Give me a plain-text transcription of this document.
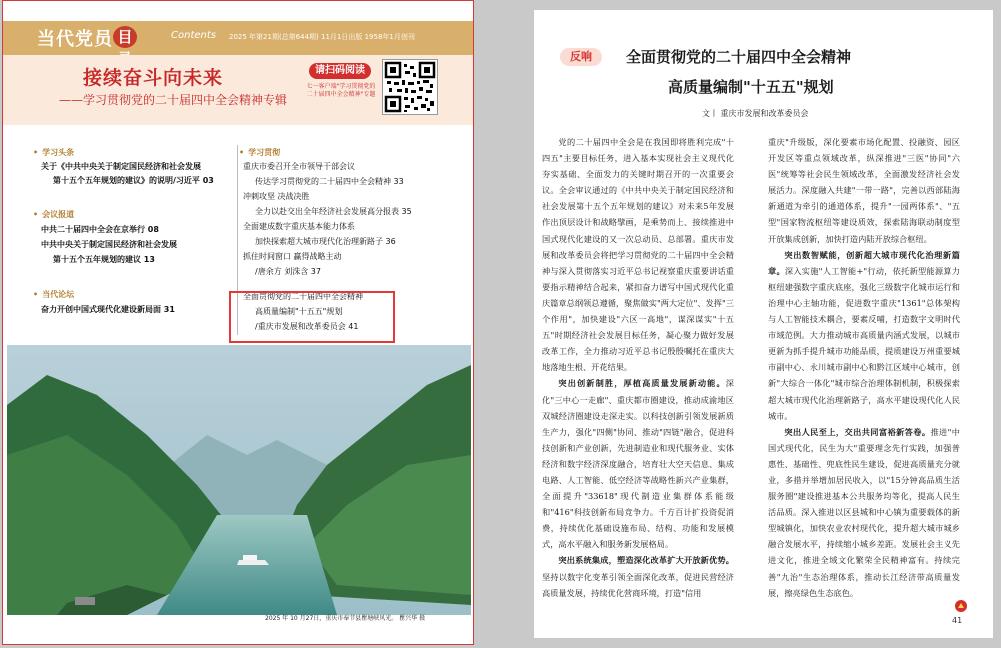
当代党员 目	Contents 2025 年第21期(总第644期) 11月1日出版 1958年1月创刊
接续奋斗向未来
——学习贯彻党的二十届四中全会精神专辑
请扫码阅读
七一客户端"学习贯彻党的二十届四中全会精神"专题
• 学习头条
关于《中共中央关于制定国民经济和社会发展
第十五个五年规划的建议》的说明/习近平 03
• 会议报道
中共二十届四中全会在京举行 08
中共中央关于制定国民经济和社会发展
第十五个五年规划的建议 13
• 当代论坛
奋力开创中国式现代化建设新局面 31
• 学习贯彻
重庆市委召开全市领导干部会议
传达学习贯彻党的二十届四中全会精神 33
冲刺攻坚 决战决胜
全力以赴交出全年经济社会发展高分报表 35
全面建成数字重庆基本能力体系
加快探索超大城市现代化治理新路子 36
抓住时间窗口 赢得战略主动
/唐余方 刘洙含 37
全面贯彻党的二十届四中全会精神
高质量编制"十五五"规划
/重庆市发展和改革委员会 41
2025 年 10 月27日，重庆市奉节县瞿塘峡风光。 瞿兴华 摄
反响	全面贯彻党的二十届四中全会精神
高质量编制"十五五"规划
文丨 重庆市发展和改革委员会

党的二十届四中全会是在我国即将胜利完成"十四五"主要目标任务，进入基本实现社会主义现代化夯实基础、全面发力的关键时期召开的一次重要会议。全会审议通过的《中共中央关于制定国民经济和社会发展第十五个五年规划的建议》对未来5年发展作出顶层设计和战略擘画，是乘势而上、接续推进中国式现代化建设的又一次总动员、总部署。重庆市发展和改革委员会将把学习贯彻党的二十届四中全会精神与深入贯彻落实习近平总书记视察重庆重要讲话重要指示精神结合起来，紧扣奋力谱写中国式现代化重庆篇章总纲领总遵循，聚焦做实"两大定位"、发挥"三个作用"，加快建设"六区一高地"，谋深谋实"十五五"时期经济社会发展目标任务，凝心聚力做好发展改革工作，全力推动习近平总书记殷殷嘱托在重庆大地落地生根、开花结果。

突出创新制胜，厚植高质量发展新动能。深化"三中心一走廊"、重庆都市圈建设，推动成渝地区双城经济圈建设走深走实。以科技创新引领发展新质生产力，强化"四侧"协同、推动"四链"融合，促进科技创新和产业创新，先进制造业和现代服务业、实体经济和数字经济深度融合，培育壮大空天信息、集成电路、人工智能、低空经济等战略性新兴产业集群，全面提升"33618"现代制造业集群体系能级和"416"科技创新布局竞争力。千方百计扩投资促消费，持续优化基础设施布局、结构、功能和发展模式，高水平融入和服务新发展格局。

突出系统集成，塑造深化改革扩大开放新优势。坚持以数字化变革引领全面深化改革，促进民营经济高质量发展，持续优化营商环境，打造"信用

重庆"升级版，深化要素市场化配置、投融资、园区开发区等重点领域改革，纵深推进"三医"协同"六医"统筹等社会民生领域改革，全面激发经济社会发展活力。深度融入共建"一带一路"，完善以西部陆海新通道为牵引的通道体系，提升"一园两体系"、"五型"国家物流枢纽等建设质效，探索陆海联动制度型开放集成创新，加快打造内陆开放综合枢纽。

突出数智赋能，创新超大城市现代化治理新篇章。深入实施"人工智能+"行动，依托新型能源算力枢纽建强数字重庆底座，强化三级数字化城市运行和治理中心主轴功能，促进数字重庆"1361"总体架构与人工智能技术耦合，要素反哺，打造数字文明时代市域范例。大力推动城市高质量内涵式发展，以城市更新为抓手提升城市功能品质，提质建设万州重要城市副中心、永川城市副中心和黔江区域中心城市，创新"大综合一体化"城市综合治理体制机制，积极探索超大城市现代化治理新路子，高水平建设现代化人民城市。

突出人民至上，交出共同富裕新答卷。推进"中国式现代化，民生为大"重要理念先行实践，加强普惠性、基础性、兜底性民生建设，促进高质量充分就业，多措并举增加居民收入，以"15分钟高品质生活服务圈"建设推进基本公共服务均等化，提高人民生活品质。深入推进以区县城和中心镇为重要载体的新型城镇化，加快农业农村现代化，提升超大城市城乡融合发展水平，持续缩小城乡差距。发展社会主义先进文化，推进全域文化繁荣全民精神富有。持续完善"九治"生态治理体系，推动长江经济带高质量发展，擦亮绿色生态底色。

41
